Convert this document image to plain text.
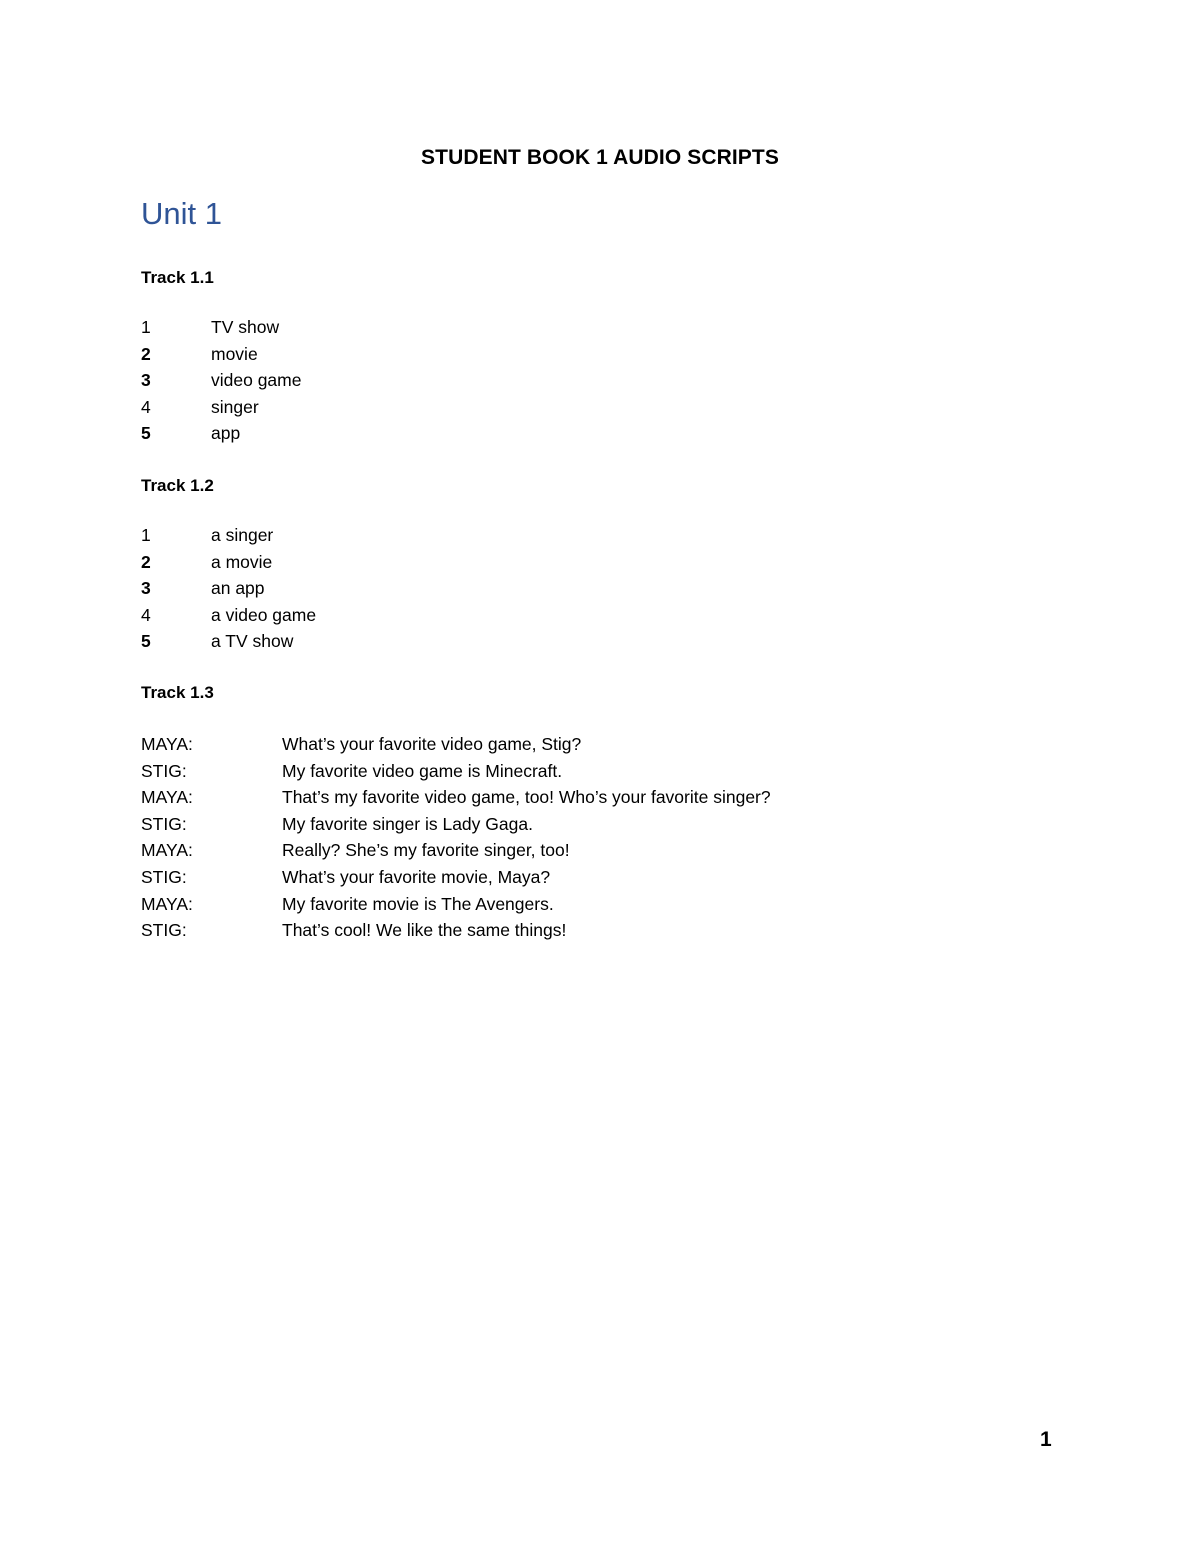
STUDENT BOOK 1 AUDIO SCRIPTS
Unit 1
Track 1.1
1	TV show
2	movie
3	video game
4	singer
5	app
Track 1.2
1	a singer
2	a movie
3	an app
4	a video game
5	a TV show
Track 1.3
MAYA:	What’s your favorite video game, Stig?
STIG:	My favorite video game is Minecraft.
MAYA:	That’s my favorite video game, too! Who’s your favorite singer?
STIG:	My favorite singer is Lady Gaga.
MAYA:	Really? She’s my favorite singer, too!
STIG:	What’s your favorite movie, Maya?
MAYA:	My favorite movie is The Avengers.
STIG:	That’s cool! We like the same things!
1
